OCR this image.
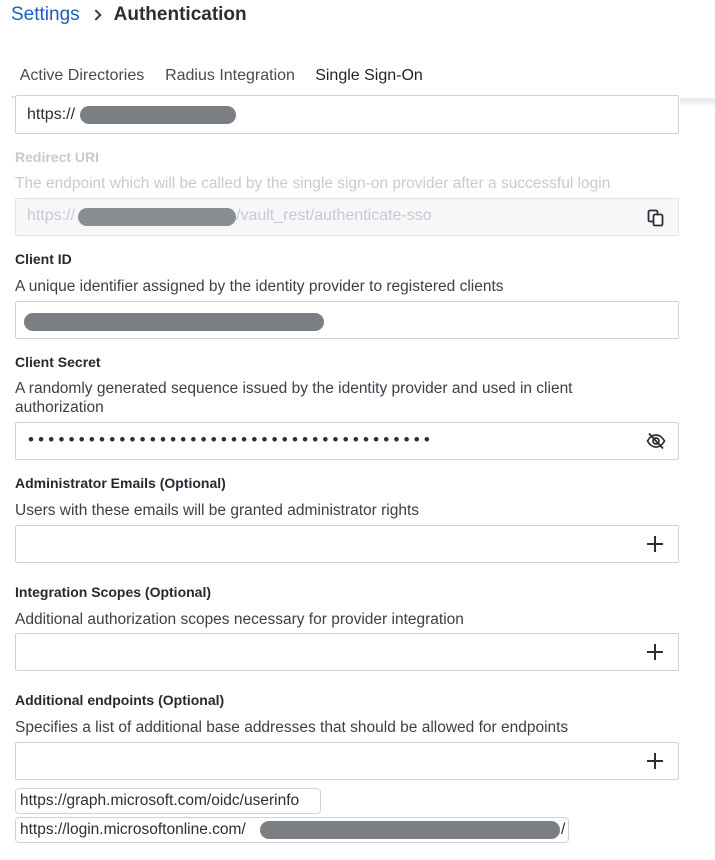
Settings Authentication
Active Directories	Radius Integration	Single Sign-On
https://
Redirect URI
The endpoint which will be called by the single sign-on provider after a successful login
https://	/vault_rest/authenticate-sso
Client ID
A unique identifier assigned by the identity provider to registered clients
Client Secret
A randomly generated sequence issued by the identity provider and used in client authorization
••••••••••••••••••••••••••••••••••••••••
Administrator Emails (Optional)
Users with these emails will be granted administrator rights
Integration Scopes (Optional)
Additional authorization scopes necessary for provider integration
Additional endpoints (Optional)
Specifies a list of additional base addresses that should be allowed for endpoints
https://graph.microsoft.com/oidc/userinfo
https://login.microsoftonline.com/	/
